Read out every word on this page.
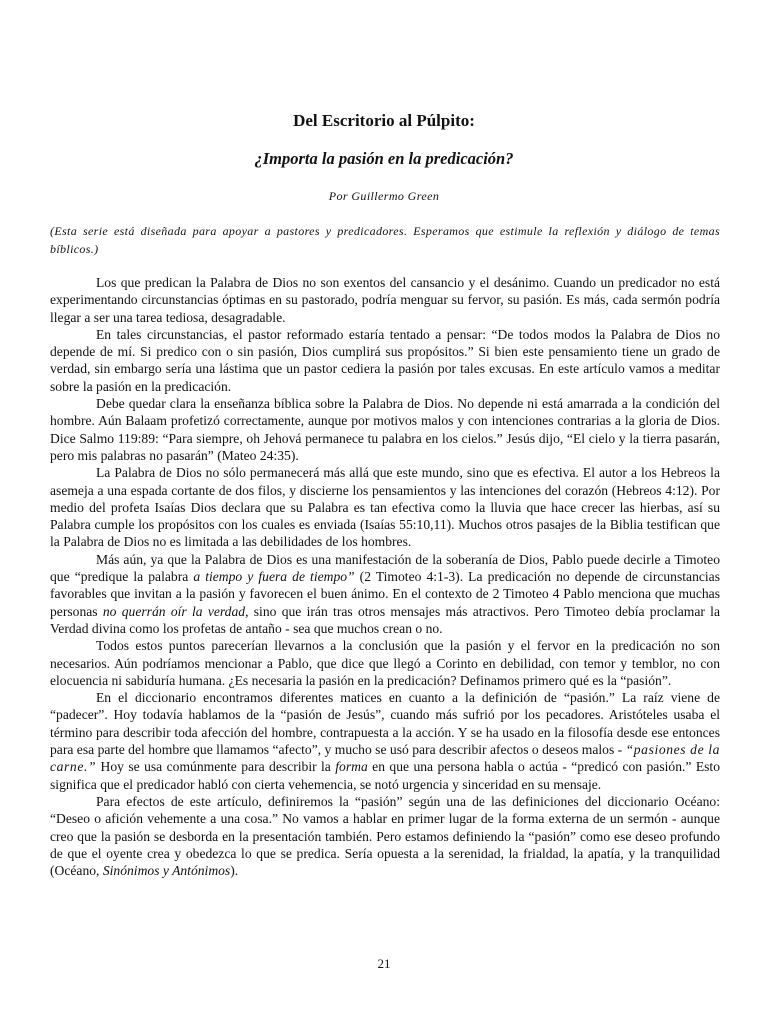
Del Escritorio al Púlpito:
¿Importa la pasión en la predicación?
Por Guillermo Green
(Esta serie está diseñada para apoyar a pastores y predicadores. Esperamos que estimule la reflexión y diálogo de temas bíblicos.)

Los que predican la Palabra de Dios no son exentos del cansancio y el desánimo. Cuando un predicador no está experimentando circunstancias óptimas en su pastorado, podría menguar su fervor, su pasión. Es más, cada sermón podría llegar a ser una tarea tediosa, desagradable.

En tales circunstancias, el pastor reformado estaría tentado a pensar: “De todos modos la Palabra de Dios no depende de mí. Si predico con o sin pasión, Dios cumplirá sus propósitos.” Si bien este pensamiento tiene un grado de verdad, sin embargo sería una lástima que un pastor cediera la pasión por tales excusas. En este artículo vamos a meditar sobre la pasión en la predicación.

Debe quedar clara la enseñanza bíblica sobre la Palabra de Dios. No depende ni está amarrada a la condición del hombre. Aún Balaam profetizó correctamente, aunque por motivos malos y con intenciones contrarias a la gloria de Dios. Dice Salmo 119:89: “Para siempre, oh Jehová permanece tu palabra en los cielos.” Jesús dijo, “El cielo y la tierra pasarán, pero mis palabras no pasarán” (Mateo 24:35).

La Palabra de Dios no sólo permanecerá más allá que este mundo, sino que es efectiva. El autor a los Hebreos la asemeja a una espada cortante de dos filos, y discierne los pensamientos y las intenciones del corazón (Hebreos 4:12). Por medio del profeta Isaías Dios declara que su Palabra es tan efectiva como la lluvia que hace crecer las hierbas, así su Palabra cumple los propósitos con los cuales es enviada (Isaías 55:10,11). Muchos otros pasajes de la Biblia testifican que la Palabra de Dios no es limitada a las debilidades de los hombres.

Más aún, ya que la Palabra de Dios es una manifestación de la soberanía de Dios, Pablo puede decirle a Timoteo que “predique la palabra a tiempo y fuera de tiempo” (2 Timoteo 4:1-3). La predicación no depende de circunstancias favorables que invitan a la pasión y favorecen el buen ánimo. En el contexto de 2 Timoteo 4 Pablo menciona que muchas personas no querrán oír la verdad, sino que irán tras otros mensajes más atractivos. Pero Timoteo debía proclamar la Verdad divina como los profetas de antaño - sea que muchos crean o no.

Todos estos puntos parecerían llevarnos a la conclusión que la pasión y el fervor en la predicación no son necesarios. Aún podríamos mencionar a Pablo, que dice que llegó a Corinto en debilidad, con temor y temblor, no con elocuencia ni sabiduría humana. ¿Es necesaria la pasión en la predicación? Definamos primero qué es la “pasión”.

En el diccionario encontramos diferentes matices en cuanto a la definición de “pasión.” La raíz viene de “padecer”. Hoy todavía hablamos de la “pasión de Jesús”, cuando más sufrió por los pecadores. Aristóteles usaba el término para describir toda afección del hombre, contrapuesta a la acción. Y se ha usado en la filosofía desde ese entonces para esa parte del hombre que llamamos “afecto”, y mucho se usó para describir afectos o deseos malos - “pasiones de la carne.” Hoy se usa comúnmente para describir la forma en que una persona habla o actúa - “predicó con pasión.” Esto significa que el predicador habló con cierta vehemencia, se notó urgencia y sinceridad en su mensaje.

Para efectos de este artículo, definiremos la “pasión” según una de las definiciones del diccionario Océano: “Deseo o afición vehemente a una cosa.” No vamos a hablar en primer lugar de la forma externa de un sermón - aunque creo que la pasión se desborda en la presentación también. Pero estamos definiendo la “pasión” como ese deseo profundo de que el oyente crea y obedezca lo que se predica. Sería opuesta a la serenidad, la frialdad, la apatía, y la tranquilidad (Océano, Sinónimos y Antónimos).

21
